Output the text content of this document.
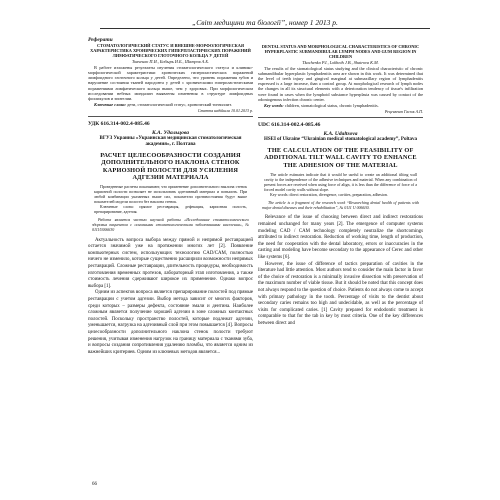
„Світ медицини та біології”, номер 1 2013 р.
Реферати
СТОМАТОЛОГИЧЕСКИЙ СТАТУС И ВНЕШНЕ-МОРФОЛОГИЧЕСКАЯ ХАРАКТЕРИСТИКА ХРОНИЧЕСКИХ ГИПЕРПЛАСТИЧЕСКИХ ПОРАЖЕНИЙ ЛИМФАТИЧЕСКОГО ГЛОТОЧНОГО КОЛЬЦА У ДЕТЕЙ
Ткаченко П.И., Бобырь И.Б., Шатров А.Б.

В работе изложены результаты изучения стоматологического статуса и клинико-морфологической характеристики хронических гиперпластических поражений лимфоидного глоточного кольца у детей. Определено, что уровень поражения зубов и нарушение состояния тканей пародонта у детей с хроническими гиперпластическими поражениями лимфатического кольца выше, чем у здоровых. При морфологическом исследовании небных миндалин выявлены изменения в структуре лимфоидных фолликулов и эпителии.

Ключевые слова: дети, стоматологический статус, хронический тонзиллит.
Стаття надійшла 10.01.2013 р.
УДК 616.314-002.4-085.46
К.А. Удальцова
ВГУЗ Украины «Украинская медицинская стоматологическая академия», г. Полтава
РАСЧЕТ ЦЕЛЕСООБРАЗНОСТИ СОЗДАНИЯ ДОПОЛНИТЕЛЬНОГО НАКЛОНА СТЕНОК КАРИОЗНОЙ ПОЛОСТИ ДЛЯ УСИЛЕНИЯ АДГЕЗИИ МАТЕРИАЛА

Проведенные расчеты показывают, что применение дополнительного наклона стенок кариозной полости позволяет не использовать адгезивный материал и повысить. При любой комбинации указанных выше сил, показатели противостояния будут выше показателей модели полости без наклона стенок.

Ключевые слова: прямое реставрация, дефекация, кариозная полость, препарирование, адгезия.

Работа является частью научной работы «Исследование стоматологического здоровья пациентов с основными стоматологическими заболеваниями населения», № 0111U006630

Актуальность вопроса выбора между прямой и непрямой реставрацией остается значимой уже на протяжении многих лет [2]. Появление компьютерных систем, использующих технологию CAD/CAM, полностью ничего не изменило, которые существенно расширили возможности непрямых реставраций. Сложные реставрации, длительность процедуры, необходимость изготовления временных протезов, лабораторный этап изготовления, а также стоимость лечения сдерживают широкое их применение. Однако вопрос выбора [1].

Одним из аспектов вопроса является препарирование полостей под прямые реставрации с учетом адгезии. Выбор метода зависит от многих факторов, среди которых – размеры дефекта, состояние эмали и дентина. Наиболее сложным является получение хорошей адгезии в зоне сложных контактных полостей. Поскольку пространство полостей, которые подлежат адгезии, уменьшается, нагрузка на адгезивный слой при этом повышается [4]. Вопросы целесообразности дополнительного наклона стенок полости требуют решения, учитывая изменения нагрузок на границу материала с тканями зуба, и вопросы создания сопротивления удалению пломбы, что является одним из важнейших критериев. Одним из ключевых методов является...

DENTAL STATUS AND MORPHOLOGICAL CHARACTERISTICS OF CHRONIC HYPERPLASTIC SUBMANDIBULAR LYMPH NODES AND GUM REGION IN CHILDREN
Tkachenko P.I., Lokhnih J.B., Shatrova K.M.

The results of the stomatological status studying and the clinical characteristic of chronic submandibular hyperplastic lymphadenitis area are shown in this work. It was determined that the level of teeth injury and gingival marginal at submaxillary region of lymphadenitis expressed is a large increase, than a control group. At morphological research of lymph nodes the changes in all its structural elements with a deterioration tendency of tissue's infiltration were found in cases when the lymphoid substance hyperplasia was caused by contact of the odontogenous infection chronic center.

Key words: children, stomatological status, chronic lymphadenitis.
Рецензент Гасюк А.П.
UDC 616.314-002.4-085.46
K.A. Udaltsova
HSEI of Ukraine “Ukrainian medical stomatological academy”, Poltava
THE CALCULATION OF THE FEASIBILITY OF ADDITIONAL TILT WALL CAVITY TO ENHANCE THE ADHESION OF THE MATERIAL

The article estimates indicate that it would be useful to create an additional tilting wall cavity to the independence of the adhesive techniques and material. When any combination of present forces are received when using force of align, it is less than the difference of force of a forced model cavity walls without slope.

Key words: direct restoration, divergence, cavities, preparation, adhesion.

The article is a fragment of the research work “Researching dental health of patients with major dental diseases and their rehabilitation”, № 0111 U 006630.

Relevance of the issue of choosing between direct and indirect restorations remained unchanged for many years [2]. The emergence of computer systems modeling CAD / CAM technology completely neutralize the shortcomings attributed to indirect restoration. Reduction of working time, length of production, the need for cooperation with the dental laboratory, errors or inaccuracies in the casting and modeling have become secondary to the appearance of Cerec and other like systems [6].

However, the issue of difference of tactics preparation of cavities in the literature had little attention. Most authors tend to consider the main factor in favor of the choice of restoration is a minimally invasive dissection with preservation of the maximum number of viable tissue. But it should be noted that this concept does not always respond to the question of choice. Patients do not always come to accept with primary pathology in the tooth. Percentage of visits to the dentist about secondary caries remains too high and undecidable, as well as the percentage of visits for complicated caries. [1] Cavity prepared for endodontic treatment is comparable to that for the tab in key by most criteria. One of the key differences between direct and

66
